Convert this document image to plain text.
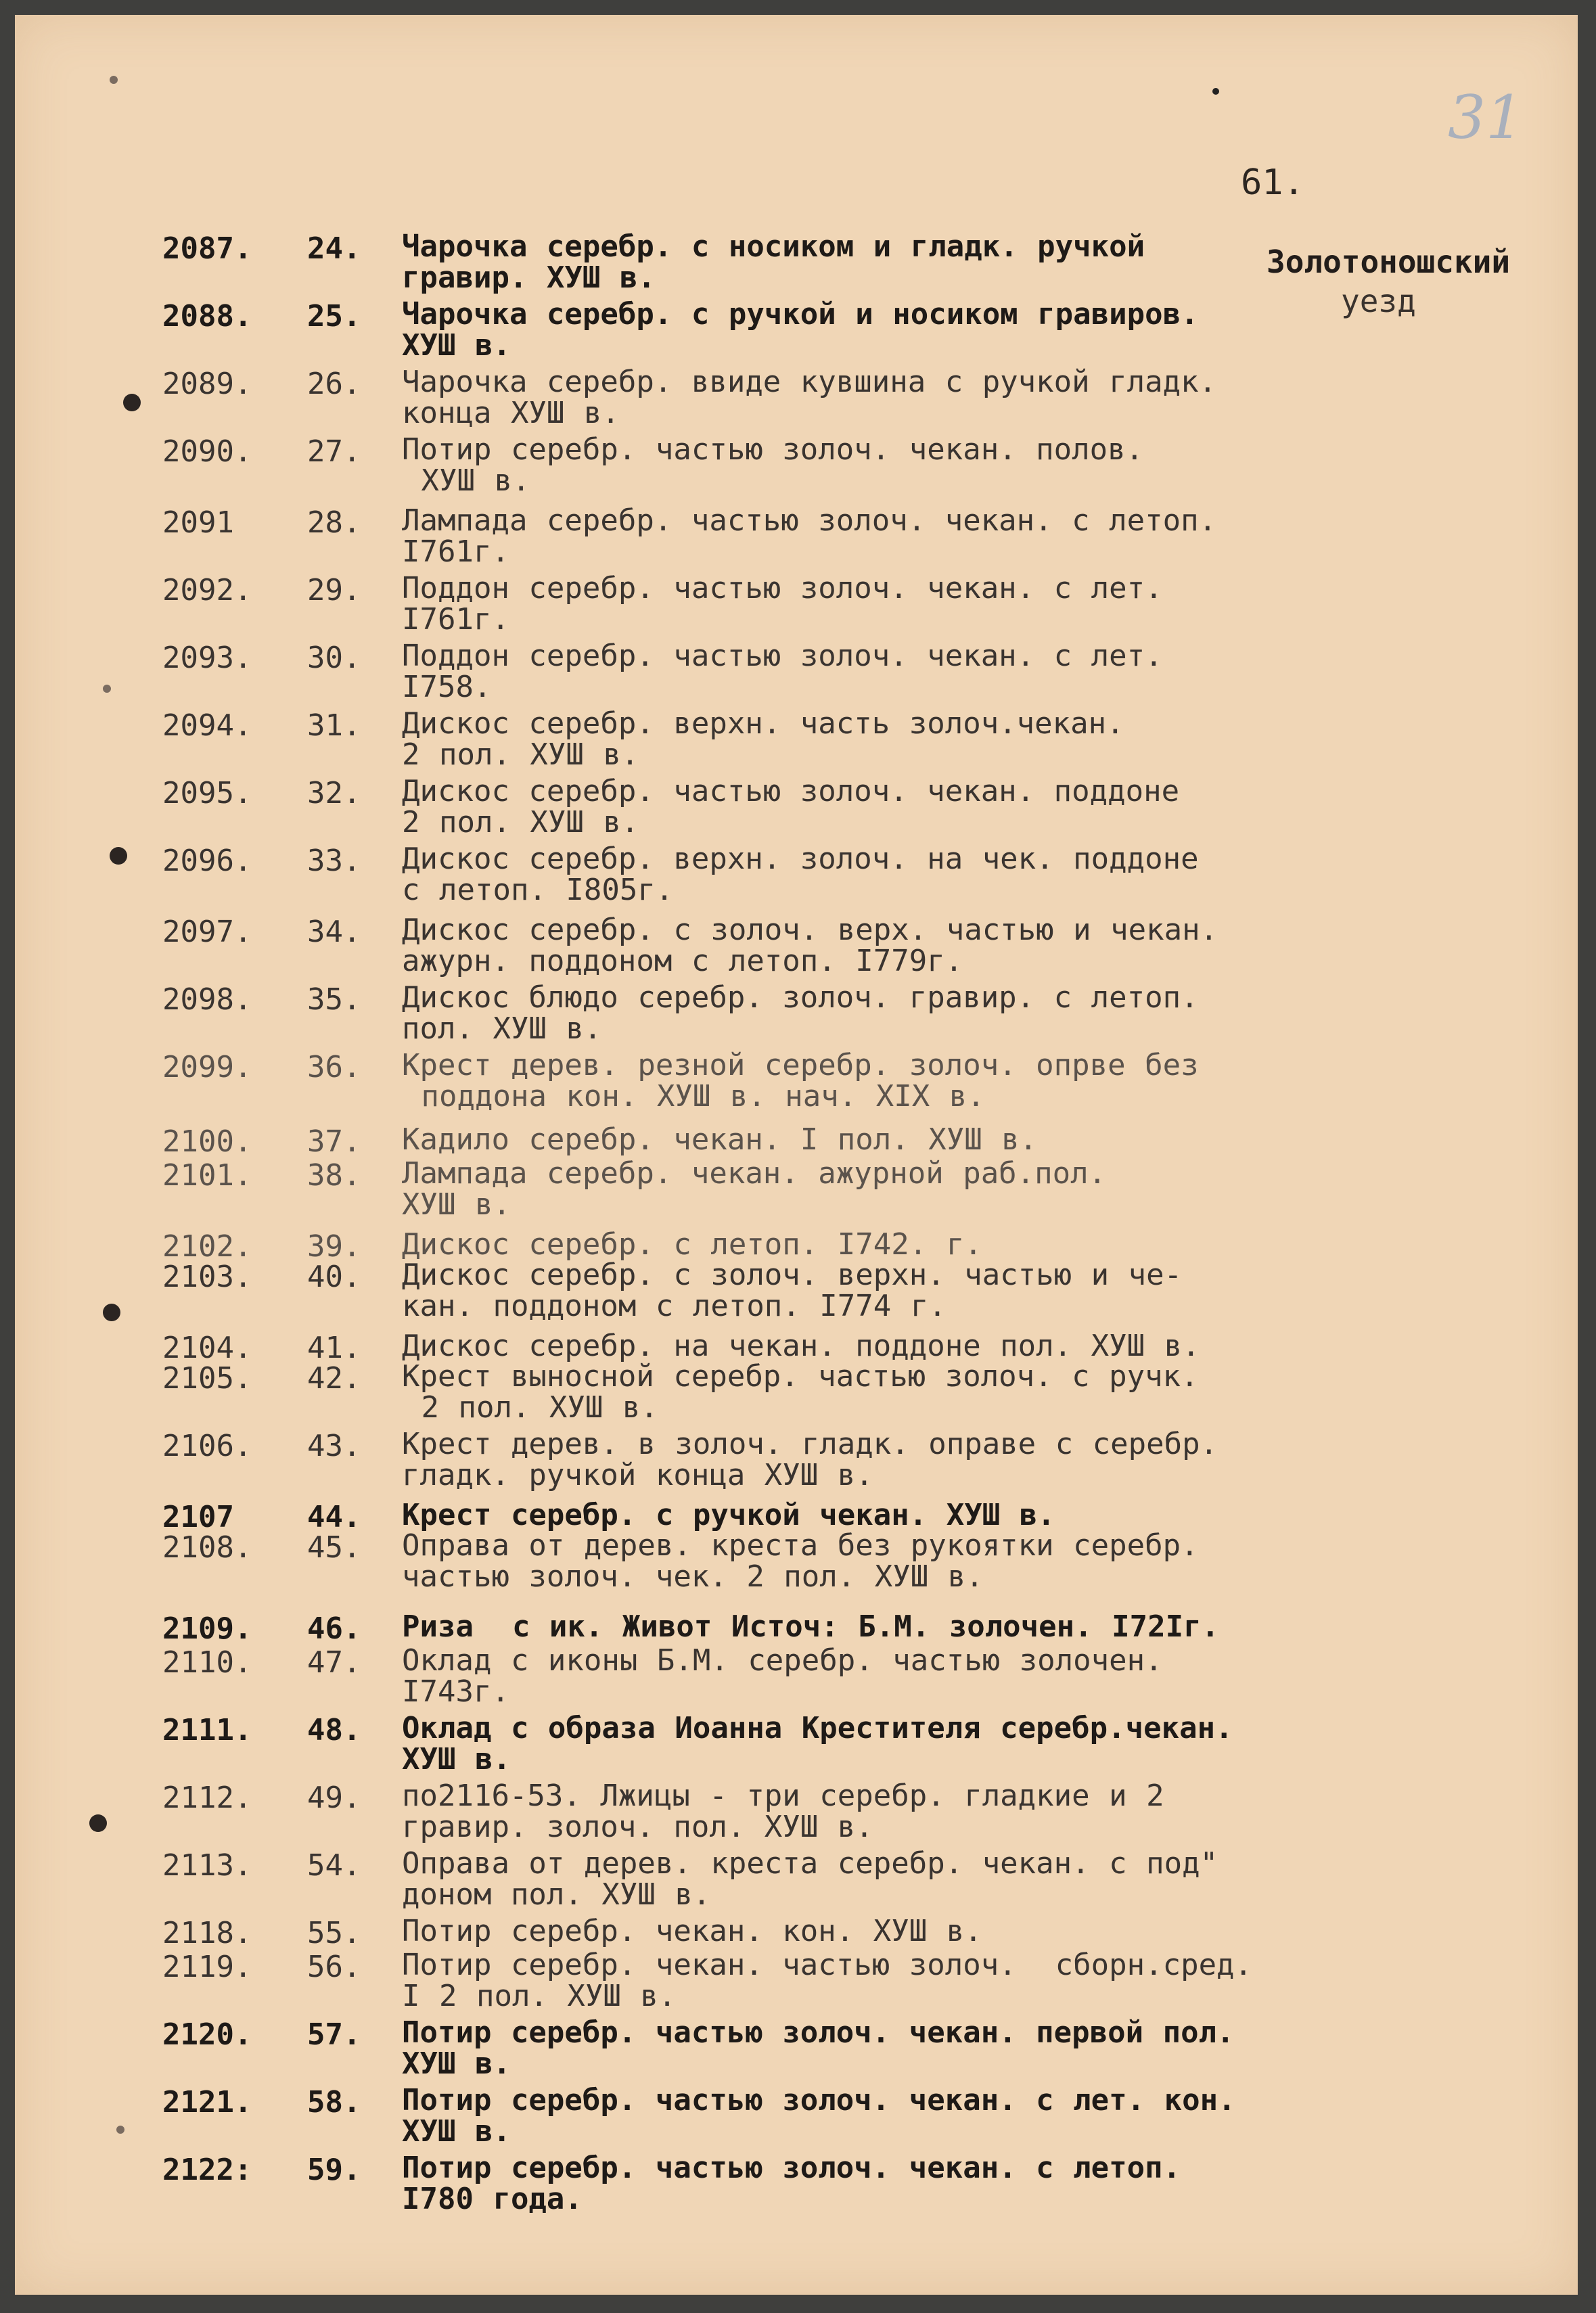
31
61.
Золотоношский
уезд
2087. 24. Чарочка серебр. с носиком и гладк. ручкой
гравир. ХУШ в.
2088. 25. Чарочка серебр. с ручкой и носиком гравиров.
ХУШ в.
2089. 26. Чарочка серебр. ввиде кувшина с ручкой гладк.
конца ХУШ в.
2090. 27. Потир серебр. частью золоч. чекан. полов.
ХУШ в.
2091 28. Лампада серебр. частью золоч. чекан. с летоп.
I761г.
2092. 29. Поддон серебр. частью золоч. чекан. с лет.
I761г.
2093. 30. Поддон серебр. частью золоч. чекан. с лет.
I758.
2094. 31. Дискос серебр. верхн. часть золоч.чекан.
2 пол. ХУШ в.
2095. 32. Дискос серебр. частью золоч. чекан. поддоне
2 пол. ХУШ в.
2096. 33. Дискос серебр. верхн. золоч. на чек. поддоне
с летоп. I805г.
2097. 34. Дискос серебр. с золоч. верх. частью и чекан.
ажурн. поддоном с летоп. I779г.
2098. 35. Дискос блюдо серебр. золоч. гравир. с летоп.
пол. ХУШ в.
2099. 36. Крест дерев. резной серебр. золоч. опрве без
поддона кон. ХУШ в. нач. XIX в.
2100. 37. Кадило серебр. чекан. I пол. ХУШ в.
2101. 38. Лампада серебр. чекан. ажурной раб.пол.
ХУШ в.
2102. 39. Дискос серебр. с летоп. I742. г.
2103. 40. Дискос серебр. с золоч. верхн. частью и че-
кан. поддоном с летоп. I774 г.
2104. 41. Дискос серебр. на чекан. поддоне пол. ХУШ в.
2105. 42. Крест выносной серебр. частью золоч. с ручк.
2 пол. ХУШ в.
2106. 43. Крест дерев. в золоч. гладк. оправе с серебр.
гладк. ручкой конца ХУШ в.
2107 44. Крест серебр. с ручкой чекан. ХУШ в.
2108. 45. Оправа от дерев. креста без рукоятки серебр.
частью золоч. чек. 2 пол. ХУШ в.
2109. 46. Риза  с ик. Живот Источ: Б.М. золочен. I72Iг.
2110. 47. Оклад с иконы Б.М. серебр. частью золочен.
I743г.
2111. 48. Оклад с образа Иоанна Крестителя серебр.чекан.
ХУШ в.
2112. 49. по2116-53. Лжицы - три серебр. гладкие и 2
гравир. золоч. пол. ХУШ в.
2113. 54. Оправа от дерев. креста серебр. чекан. с под"
доном пол. ХУШ в.
2118. 55. Потир серебр. чекан. кон. ХУШ в.
2119. 56. Потир серебр. чекан. частью золоч.  сборн.сред.
I 2 пол. ХУШ в.
2120. 57. Потир серебр. частью золоч. чекан. первой пол.
ХУШ в.
2121. 58. Потир серебр. частью золоч. чекан. с лет. кон.
ХУШ в.
2122: 59. Потир серебр. частью золоч. чекан. с летоп.
I780 года.
